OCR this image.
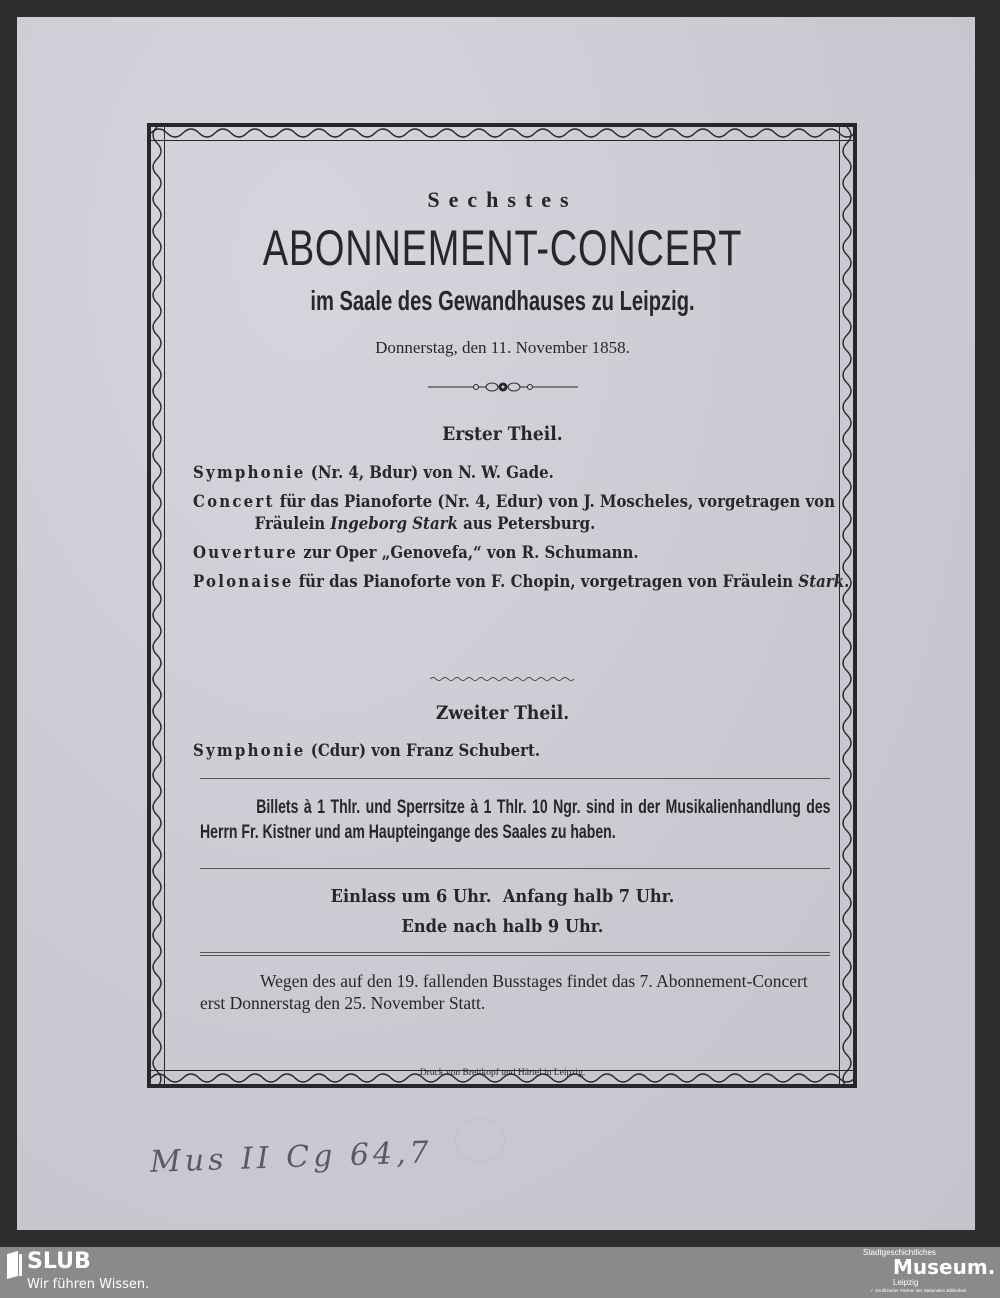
Sechstes
ABONNEMENT-CONCERT
im Saale des Gewandhauses zu Leipzig.
Donnerstag, den 11. November 1858.
Erster Theil.
Symphonie (Nr. 4, Bdur) von N. W. Gade.
Concert für das Pianoforte (Nr. 4, Edur) von J. Moscheles, vorgetragen von Fräulein Ingeborg Stark aus Petersburg.
Ouverture zur Oper „Genovefa,“ von R. Schumann.
Polonaise für das Pianoforte von F. Chopin, vorgetragen von Fräulein Stark.
Zweiter Theil.
Symphonie (Cdur) von Franz Schubert.
Billets à 1 Thlr. und Sperrsitze à 1 Thlr. 10 Ngr. sind in der Musikalienhandlung des Herrn Fr. Kistner und am Haupteingange des Saales zu haben.
Einlass um 6 Uhr.  Anfang halb 7 Uhr.
Ende nach halb 9 Uhr.
Wegen des auf den 19. fallenden Busstages findet das 7. Abonnement-Concert erst Donnerstag den 25. November Statt.
Druck von Breitkopf und Härtel in Leipzig.
Mus II Cg 64,7
SLUB
Wir führen Wissen.
Stadtgeschichtliches
Museum.
Leipzig
✓ Zertifizierter Partner der Nationalen Bibliothek
